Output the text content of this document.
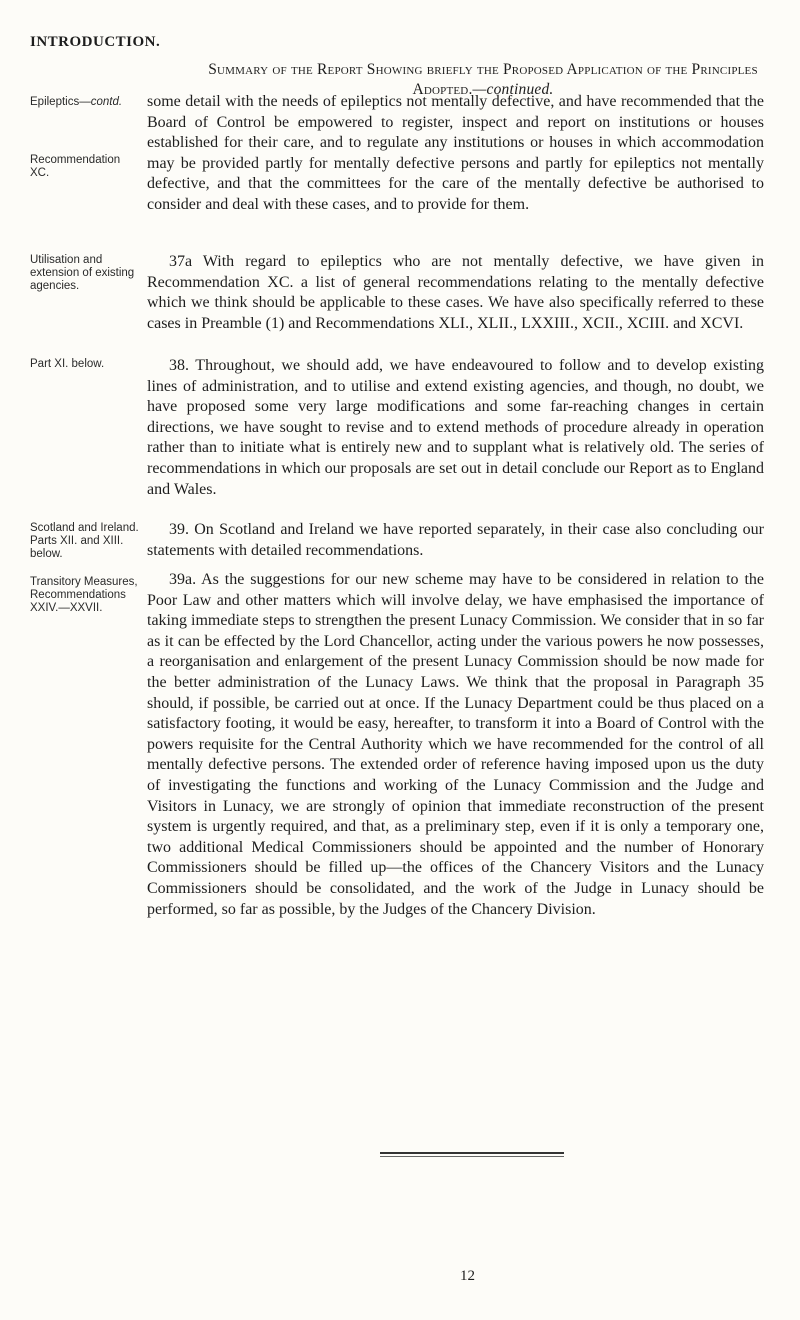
INTRODUCTION.
Summary of the Report Showing briefly the Proposed Application of the Principles Adopted.—continued.
Epileptics—contd.
Recommendation XC.
Utilisation and extension of existing agencies.
Part XI. below.
Scotland and Ireland. Parts XII. and XIII. below.
Transitory Measures, Recommendations XXIV.—XXVII.
some detail with the needs of epileptics not mentally defective, and have recommended that the Board of Control be empowered to register, inspect and report on institutions or houses established for their care, and to regulate any institutions or houses in which accommodation may be provided partly for mentally defective persons and partly for epileptics not mentally defective, and that the committees for the care of the mentally defective be authorised to consider and deal with these cases, and to provide for them.
37a With regard to epileptics who are not mentally defective, we have given in Recommendation XC. a list of general recommendations relating to the mentally defective which we think should be applicable to these cases. We have also specifically referred to these cases in Preamble (1) and Recommendations XLI., XLII., LXXIII., XCII., XCIII. and XCVI.
38. Throughout, we should add, we have endeavoured to follow and to develop existing lines of administration, and to utilise and extend existing agencies, and though, no doubt, we have proposed some very large modifications and some far-reaching changes in certain directions, we have sought to revise and to extend methods of procedure already in operation rather than to initiate what is entirely new and to supplant what is relatively old. The series of recommendations in which our proposals are set out in detail conclude our Report as to England and Wales.
39. On Scotland and Ireland we have reported separately, in their case also concluding our statements with detailed recommendations.
39a. As the suggestions for our new scheme may have to be considered in relation to the Poor Law and other matters which will involve delay, we have emphasised the importance of taking immediate steps to strengthen the present Lunacy Commission. We consider that in so far as it can be effected by the Lord Chancellor, acting under the various powers he now possesses, a reorganisation and enlargement of the present Lunacy Commission should be now made for the better administration of the Lunacy Laws. We think that the proposal in Paragraph 35 should, if possible, be carried out at once. If the Lunacy Department could be thus placed on a satisfactory footing, it would be easy, hereafter, to transform it into a Board of Control with the powers requisite for the Central Authority which we have recommended for the control of all mentally defective persons. The extended order of reference having imposed upon us the duty of investigating the functions and working of the Lunacy Commission and the Judge and Visitors in Lunacy, we are strongly of opinion that immediate reconstruction of the present system is urgently required, and that, as a preliminary step, even if it is only a temporary one, two additional Medical Commissioners should be appointed and the number of Honorary Commissioners should be filled up—the offices of the Chancery Visitors and the Lunacy Commissioners should be consolidated, and the work of the Judge in Lunacy should be performed, so far as possible, by the Judges of the Chancery Division.
12
